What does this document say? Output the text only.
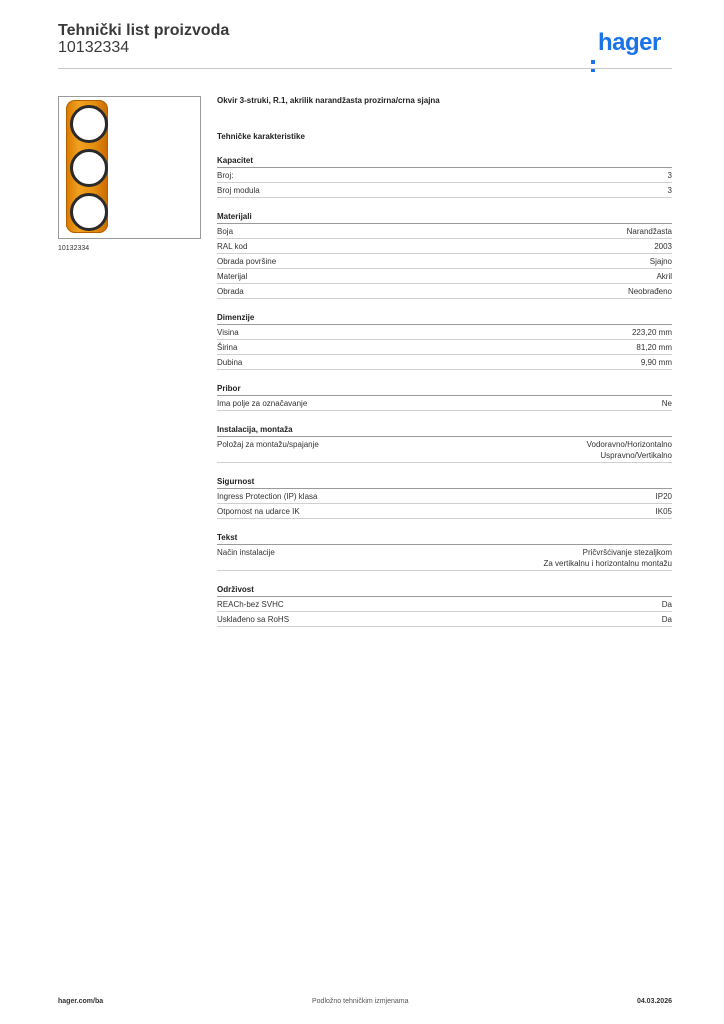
Tehnički list proizvoda
10132334	hager
10132334
Okvir 3-struki, R.1, akrilik narandžasta prozirna/crna sjajna
Tehničke karakteristike
Kapacitet
Broj:	3
Broj modula	3
Materijali
Boja	Narandžasta
RAL kod	2003
Obrada površine	Sjajno
Materijal	Akril
Obrada	Neobrađeno
Dimenzije
Visina	223,20 mm
Širina	81,20 mm
Dubina	9,90 mm
Pribor
Ima polje za označavanje	Ne
Instalacija, montaža
Položaj za montažu/spajanje	Vodoravno/Horizontalno
Uspravno/Vertikalno
Sigurnost
Ingress Protection (IP) klasa	IP20
Otpornost na udarce IK	IK05
Tekst
Način instalacije	Pričvršćivanje stezaljkom
Za vertikalnu i horizontalnu montažu
Održivost
REACh-bez SVHC	Da
Usklađeno sa RoHS	Da
hager.com/ba	Podložno tehničkim izmjenama	04.03.2026
